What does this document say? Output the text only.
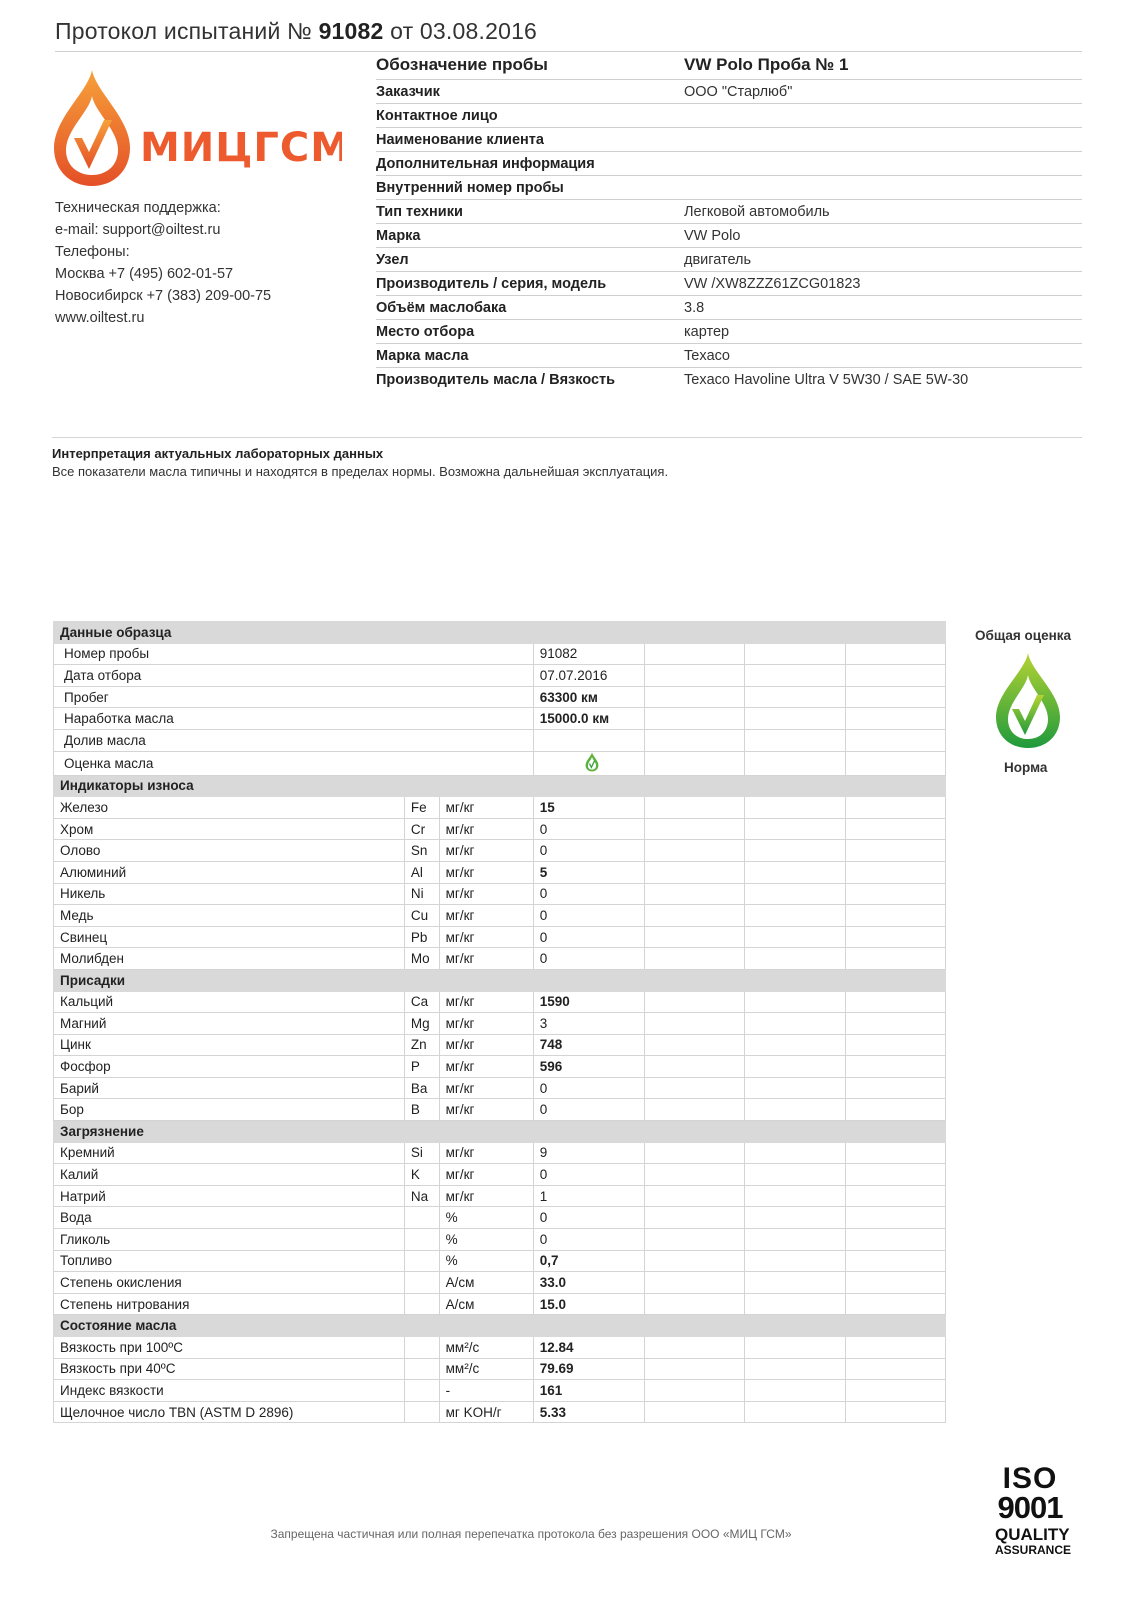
Протокол испытаний № 91082 от 03.08.2016
МИЦГСМ
Техническая поддержка:
e-mail: support@oiltest.ru
Телефоны:
Москва +7 (495) 602-01-57
Новосибирск +7 (383) 209-00-75
www.oiltest.ru
Обозначение пробы	VW Polo Проба № 1
Заказчик	ООО "Старлюб"
Контактное лицо
Наименование клиента
Дополнительная информация
Внутренний номер пробы
Тип техники	Легковой автомобиль
Марка	VW Polo
Узел	двигатель
Производитель / серия, модель	VW /XW8ZZZ61ZCG01823
Объём маслобака	3.8
Место отбора	картер
Марка масла	Texaco
Производитель масла / Вязкость	Texaco Havoline Ultra V 5W30 / SAE 5W-30
Интерпретация актуальных лабораторных данных
Все показатели масла типичны и находятся в пределах нормы. Возможна дальнейшая эксплуатация.
Данные образца						
Номер пробы			91082			
Дата отбора			07.07.2016			
Пробег			63300 км			
Наработка масла			15000.0 км			
Долив масла						
Оценка масла				
Индикаторы износа						
Железо	Fe	мг/кг	15			
Хром	Cr	мг/кг	0			
Олово	Sn	мг/кг	0			
Алюминий	Al	мг/кг	5			
Никель	Ni	мг/кг	0			
Медь	Cu	мг/кг	0			
Свинец	Pb	мг/кг	0			
Молибден	Mo	мг/кг	0			
Присадки						
Кальций	Ca	мг/кг	1590			
Магний	Mg	мг/кг	3			
Цинк	Zn	мг/кг	748			
Фосфор	P	мг/кг	596			
Барий	Ba	мг/кг	0			
Бор	B	мг/кг	0			
Загрязнение						
Кремний	Si	мг/кг	9			
Калий	K	мг/кг	0			
Натрий	Na	мг/кг	1			
Вода		%	0			
Гликоль		%	0			
Топливо		%	0,7			
Степень окисления		А/см	33.0			
Степень нитрования		А/см	15.0			
Состояние масла						
Вязкость при 100ºC		мм²/с	12.84			
Вязкость при 40ºC		мм²/с	79.69			
Индекс вязкости		-	161			
Щелочное число TBN (ASTM D 2896)		мг KOH/г	5.33			
Общая оценка
Норма
Запрещена частичная или полная перепечатка протокола без разрешения ООО «МИЦ ГСМ»
ISO
9001
QUALITY
ASSURANCE
